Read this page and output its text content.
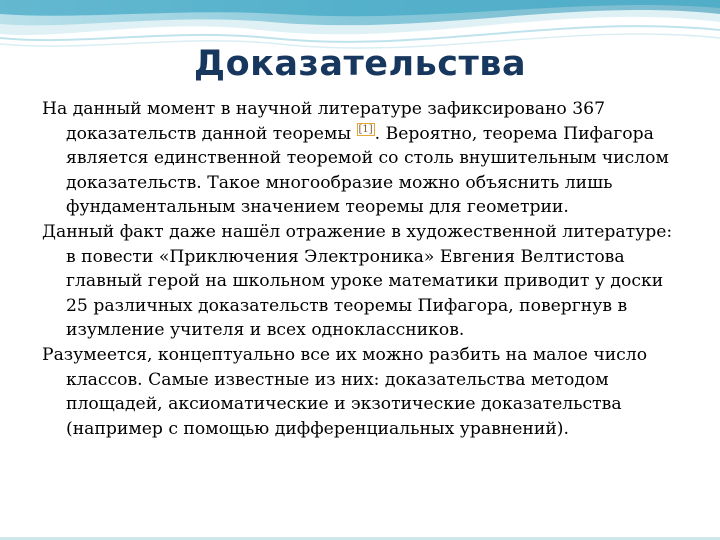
Доказательства

На данный момент в научной литературе зафиксировано 367 доказательств данной теоремы [1] . Вероятно, теорема Пифагора является единственной теоремой со столь внушительным числом доказательств. Такое многообразие можно объяснить лишь фундаментальным значением теоремы для геометрии.

Данный факт даже нашёл отражение в художественной литературе: в повести «Приключения Электроника» Евгения Велтистова главный герой на школьном уроке математики приводит у доски 25 различных доказательств теоремы Пифагора, повергнув в изумление учителя и всех одноклассников.

Разумеется, концептуально все их можно разбить на малое число классов. Самые известные из них: доказательства методом площадей, аксиоматические и экзотические доказательства (например с помощью дифференциальных уравнений).
